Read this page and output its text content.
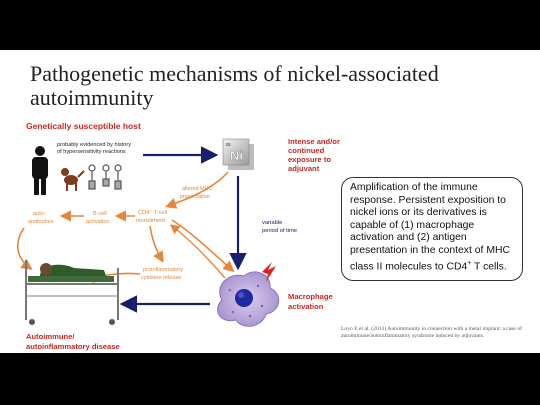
Pathogenetic mechanisms of nickel-associated autoimmunity
Genetically susceptible host
probably evidenced by history of hypersensitivity reactions
28
Ni
Intense and/or continued exposure to adjuvant
altered MHC presentation
variable period of time
CD4+ T cell recruitment
B cell activation
auto- antibodies
proinflammatory cytokine release
Macrophage activation
Autoimmune/ autoinflammatory disease
Amplification of the immune response. Persistent exposition to nickel ions or its derivatives is capable of (1) macrophage activation and (2) antigen presentation in the context of MHC class II molecules to CD4+ T cells.
Loyo E et al. (2013) Autoimmunity in connection with a metal implant: a case of autoimmune/autoinflammatory syndrome induced by adjuvants.
